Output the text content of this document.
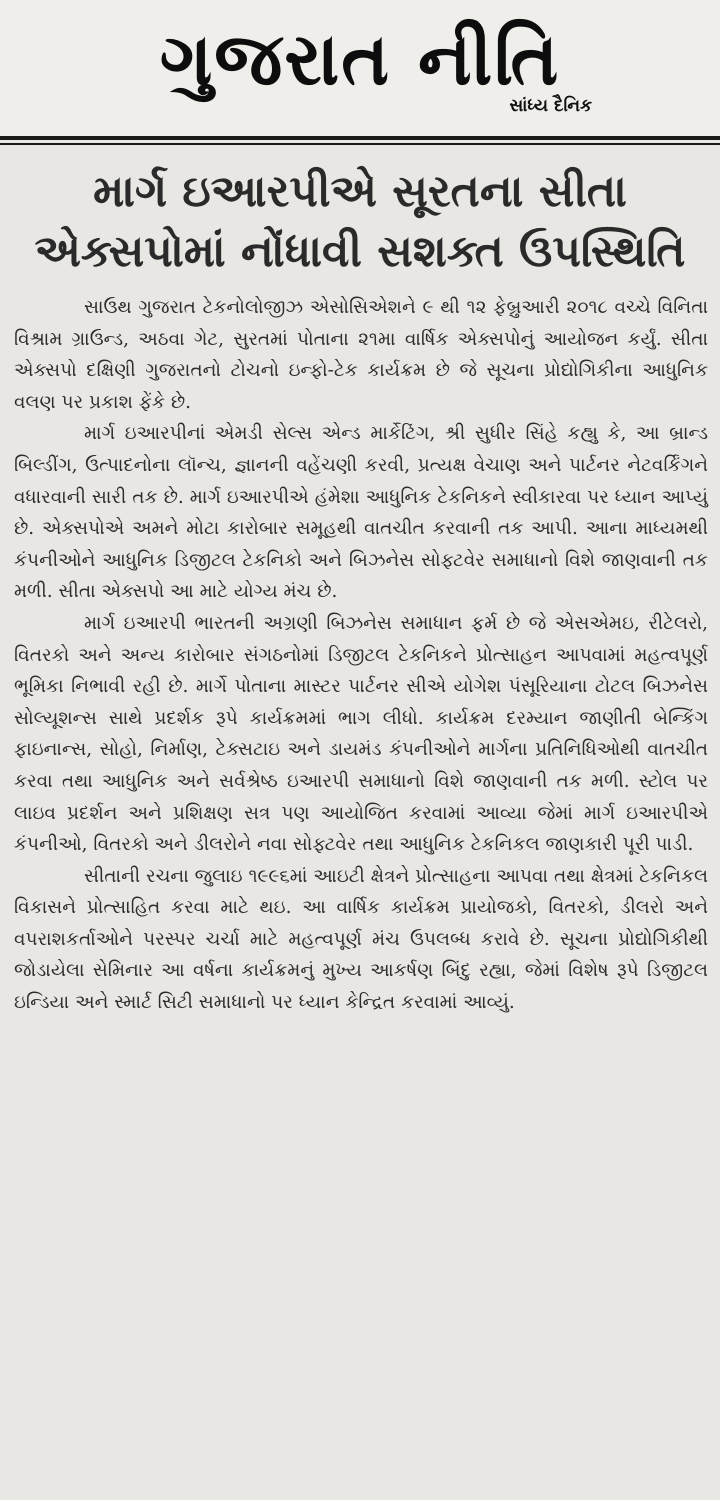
ગુજરાત નીતિ
સાંધ્ય દૈનિક
માર્ગ ઇઆરપીએ સૂરતના સીતા એક્સપોમાં નોંધાવી સશક્ત ઉપસ્થિતિ

સાઉથ ગુજરાત ટેકનોલોજીઝ એસોસિએશને ૯ થી ૧૨ ફેબ્રુઆરી ૨૦૧૮ વચ્ચે વિનિતા વિશ્રામ ગ્રાઉન્ડ, અઠવા ગેટ, સુરતમાં પોતાના ૨૧મા વાર્ષિક એક્સપોનું આયોજન કર્યું. સીતા એક્સપો દક્ષિણી ગુજરાતનો ટોચનો ઇન્ફો-ટેક કાર્યક્રમ છે જે સૂચના પ્રોદ્યોગિકીના આધુનિક વલણ પર પ્રકાશ ફેંકે છે.

માર્ગ ઇઆરપીનાં એમડી સેલ્સ એન્ડ માર્કેટિંગ, શ્રી સુધીર સિંહે કહ્યુ કે, આ બ્રાન્ડ બિલ્ડીંગ, ઉત્પાદનોના લૉન્ચ, જ્ઞાનની વહેંચણી કરવી, પ્રત્યક્ષ વેચાણ અને પાર્ટનર નેટવર્કિંગને વધારવાની સારી તક છે. માર્ગ ઇઆરપીએ હંમેશા આધુનિક ટેકનિકને સ્વીકારવા પર ધ્યાન આપ્યું છે. એક્સપોએ અમને મોટા કારોબાર સમૂહથી વાતચીત કરવાની તક આપી. આના માધ્યમથી કંપનીઓને આધુનિક ડિજીટલ ટેકનિકો અને બિઝનેસ સોફ્ટવેર સમાધાનો વિશે જાણવાની તક મળી. સીતા એક્સપો આ માટે યોગ્ય મંચ છે.

માર્ગ ઇઆરપી ભારતની અગ્રણી બિઝનેસ સમાધાન ફર્મ છે જે એસએમઇ, રીટેલરો, વિતરકો અને અન્ય કારોબાર સંગઠનોમાં ડિજીટલ ટેકનિકને પ્રોત્સાહન આપવામાં મહત્વપૂર્ણ ભૂમિકા નિભાવી રહી છે. માર્ગે પોતાના માસ્ટર પાર્ટનર સીએ યોગેશ પંસૂરિયાના ટોટલ બિઝનેસ સોલ્યૂશન્સ સાથે પ્રદર્શક રૂપે કાર્યક્રમમાં ભાગ લીધો. કાર્યક્રમ દરમ્યાન જાણીતી બેન્કિંગ ફાઇનાન્સ, સોહો, નિર્માણ, ટેક્સટાઇ અને ડાયમંડ કંપનીઓને માર્ગના પ્રતિનિધિઓથી વાતચીત કરવા તથા આધુનિક અને સર્વશ્રેષ્ઠ ઇઆરપી સમાધાનો વિશે જાણવાની તક મળી. સ્ટોલ પર લાઇવ પ્રદર્શન અને પ્રશિક્ષણ સત્ર પણ આયોજિત કરવામાં આવ્યા જેમાં માર્ગ ઇઆરપીએ કંપનીઓ, વિતરકો અને ડીલરોને નવા સોફ્ટવેર તથા આધુનિક ટેકનિકલ જાણકારી પૂરી પાડી.

સીતાની રચના જુલાઇ ૧૯૯૬માં આઇટી ક્ષેત્રને પ્રોત્સાહના આપવા તથા ક્ષેત્રમાં ટેકનિકલ વિકાસને પ્રોત્સાહિત કરવા માટે થઇ. આ વાર્ષિક કાર્યક્રમ પ્રાયોજકો, વિતરકો, ડીલરો અને વપરાશકર્તાઓને પરસ્પર ચર્ચા માટે મહત્વપૂર્ણ મંચ ઉપલબ્ધ કરાવે છે. સૂચના પ્રોદ્યોગિકીથી જોડાયેલા સેમિનાર આ વર્ષના કાર્યક્રમનું મુખ્ય આકર્ષણ બિંદુ રહ્યા, જેમાં વિશેષ રૂપે ડિજીટલ ઇન્ડિયા અને સ્માર્ટ સિટી સમાધાનો પર ધ્યાન કેન્દ્રિત કરવામાં આવ્યું.
